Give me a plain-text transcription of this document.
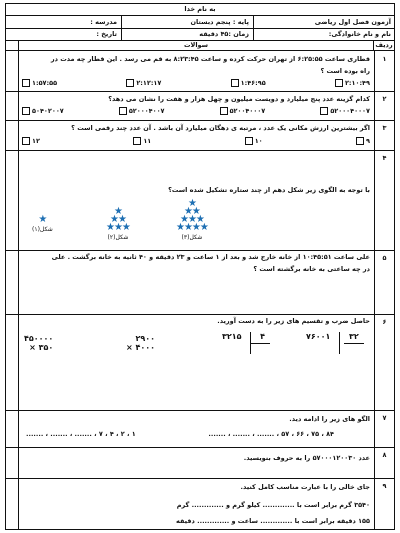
به نام خدا
آزمون فصل اول ریاضی
پایه : پنجم دبستان
مدرسه :
نام و نام خانوادگی:
زمان :۴۵ دقیقه
تاریخ :
ردیف
سوالات
۱
قطاری ساعت ۶:۲۵:۵۵ از تهران حرکت کرده و ساعت ۸:۲۳:۴۵ به قم می رسد . این قطار چه مدت در
راه بوده است ؟
۲:۱۰:۴۹
۱:۴۶:۹۵
۲:۱۲:۱۷
۱:۵۷:۵۵
۲
کدام گزینه عدد پنج میلیارد و دویست میلیون و چهل هزار و هفت را نشان می دهد؟
۵۲۰۰۰۴۰۰۰۷
۵۲۰۰۴۰۰۰۷
۵۲۰۰۰۴۰۰۷
۵۰۴۰۲۰۰۷
۳
اگر بیشترین ارزش مکانی یک عدد ، مرتبه ی دهگان میلیارد آن باشد . آن عدد چند رقمی است ؟
۹
۱۰
۱۱
۱۲
۴
با توجه به الگوی زیر شکل دهم از چند ستاره تشکیل شده است؟
★
★★
★★★
★★★★
شکل(۳)
★
★★
★★★
شکل(۲)
★
شکل(۱)
۵
علی ساعت ۱۰:۴۵:۵۱ از خانه خارج شد و بعد از ۱ ساعت و ۲۳ دقیقه و ۴۰ ثانیه به خانه برگشت . علی
در چه ساعتی به خانه برگشته است ؟
۶
حاصل ضرب و تقسیم های زیر را به دست آورید.
۷۶۰۰۱ ۳۲
۳۲۱۵ ۴
۲۹۰۰
× ۴۰۰۰
۴۵۰۰۰۰
× ۳۵۰
۷
الگو های زیر را ادامه دید.
۸۴ ، ۷۵ ، ۶۶ ، ۵۷ ، ....... ، ....... ، .......
۱ ، ۲ ، ۴ ، ۷ ، ....... ، ....... ، .......
۸
عدد ۵۷۰۰۰۱۲۰۰۳۰ را به حروف بنویسید.
۹
جای خالی را با عبارت مناسب کامل کنید.
۳۵۴۰ گرم برابر است با ............. کیلو گرم و ............. گرم
۱۵۵ دقیقه برابر است با ............. ساعت و ............. دقیقه
